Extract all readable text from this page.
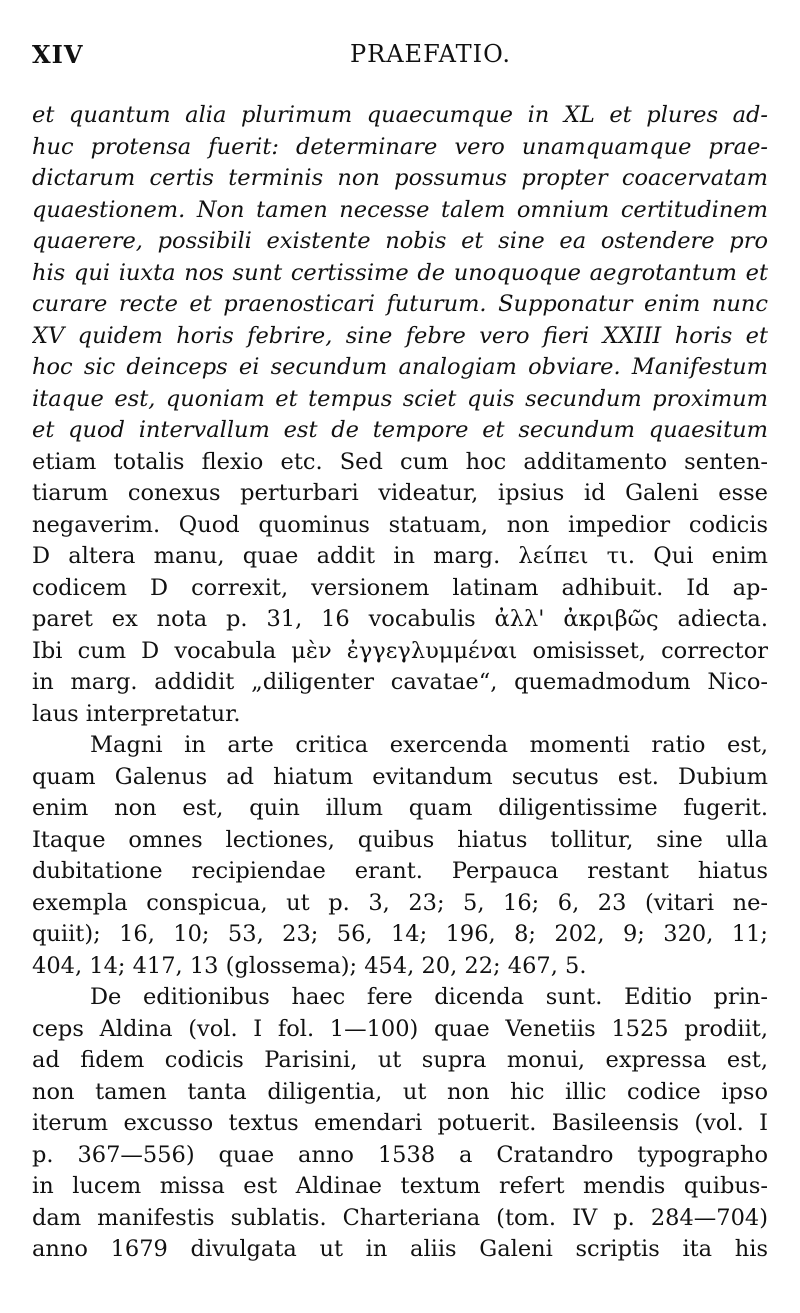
XIV	PRAEFATIO.
et quantum alia plurimum quaecumque in XL et plures ad-
huc protensa fuerit: determinare vero unamquamque prae-
dictarum certis terminis non possumus propter coacervatam
quaestionem. Non tamen necesse talem omnium certitudinem
quaerere, possibili existente nobis et sine ea ostendere pro
his qui iuxta nos sunt certissime de unoquoque aegrotantum et
curare recte et praenosticari futurum. Supponatur enim nunc
XV quidem horis febrire, sine febre vero fieri XXIII horis et
hoc sic deinceps ei secundum analogiam obviare. Manifestum
itaque est, quoniam et tempus sciet quis secundum proximum
et quod intervallum est de tempore et secundum quaesitum
etiam totalis flexio etc. Sed cum hoc additamento senten-
tiarum conexus perturbari videatur, ipsius id Galeni esse
negaverim. Quod quominus statuam, non impedior codicis
D altera manu, quae addit in marg. λείπει τι. Qui enim
codicem D correxit, versionem latinam adhibuit. Id ap-
paret ex nota p. 31, 16 vocabulis ἀλλ' ἀκριβῶς adiecta.
Ibi cum D vocabula μὲν ἐγγεγλυμμέναι omisisset, corrector
in marg. addidit „diligenter cavatae“, quemadmodum Nico-
laus interpretatur.
Magni in arte critica exercenda momenti ratio est,
quam Galenus ad hiatum evitandum secutus est. Dubium
enim non est, quin illum quam diligentissime fugerit.
Itaque omnes lectiones, quibus hiatus tollitur, sine ulla
dubitatione recipiendae erant. Perpauca restant hiatus
exempla conspicua, ut p. 3, 23; 5, 16; 6, 23 (vitari ne-
quiit); 16, 10; 53, 23; 56, 14; 196, 8; 202, 9; 320, 11;
404, 14; 417, 13 (glossema); 454, 20, 22; 467, 5.
De editionibus haec fere dicenda sunt. Editio prin-
ceps Aldina (vol. I fol. 1—100) quae Venetiis 1525 prodiit,
ad fidem codicis Parisini, ut supra monui, expressa est,
non tamen tanta diligentia, ut non hic illic codice ipso
iterum excusso textus emendari potuerit. Basileensis (vol. I
p. 367—556) quae anno 1538 a Cratandro typographo
in lucem missa est Aldinae textum refert mendis quibus-
dam manifestis sublatis. Charteriana (tom. IV p. 284—704)
anno 1679 divulgata ut in aliis Galeni scriptis ita his
